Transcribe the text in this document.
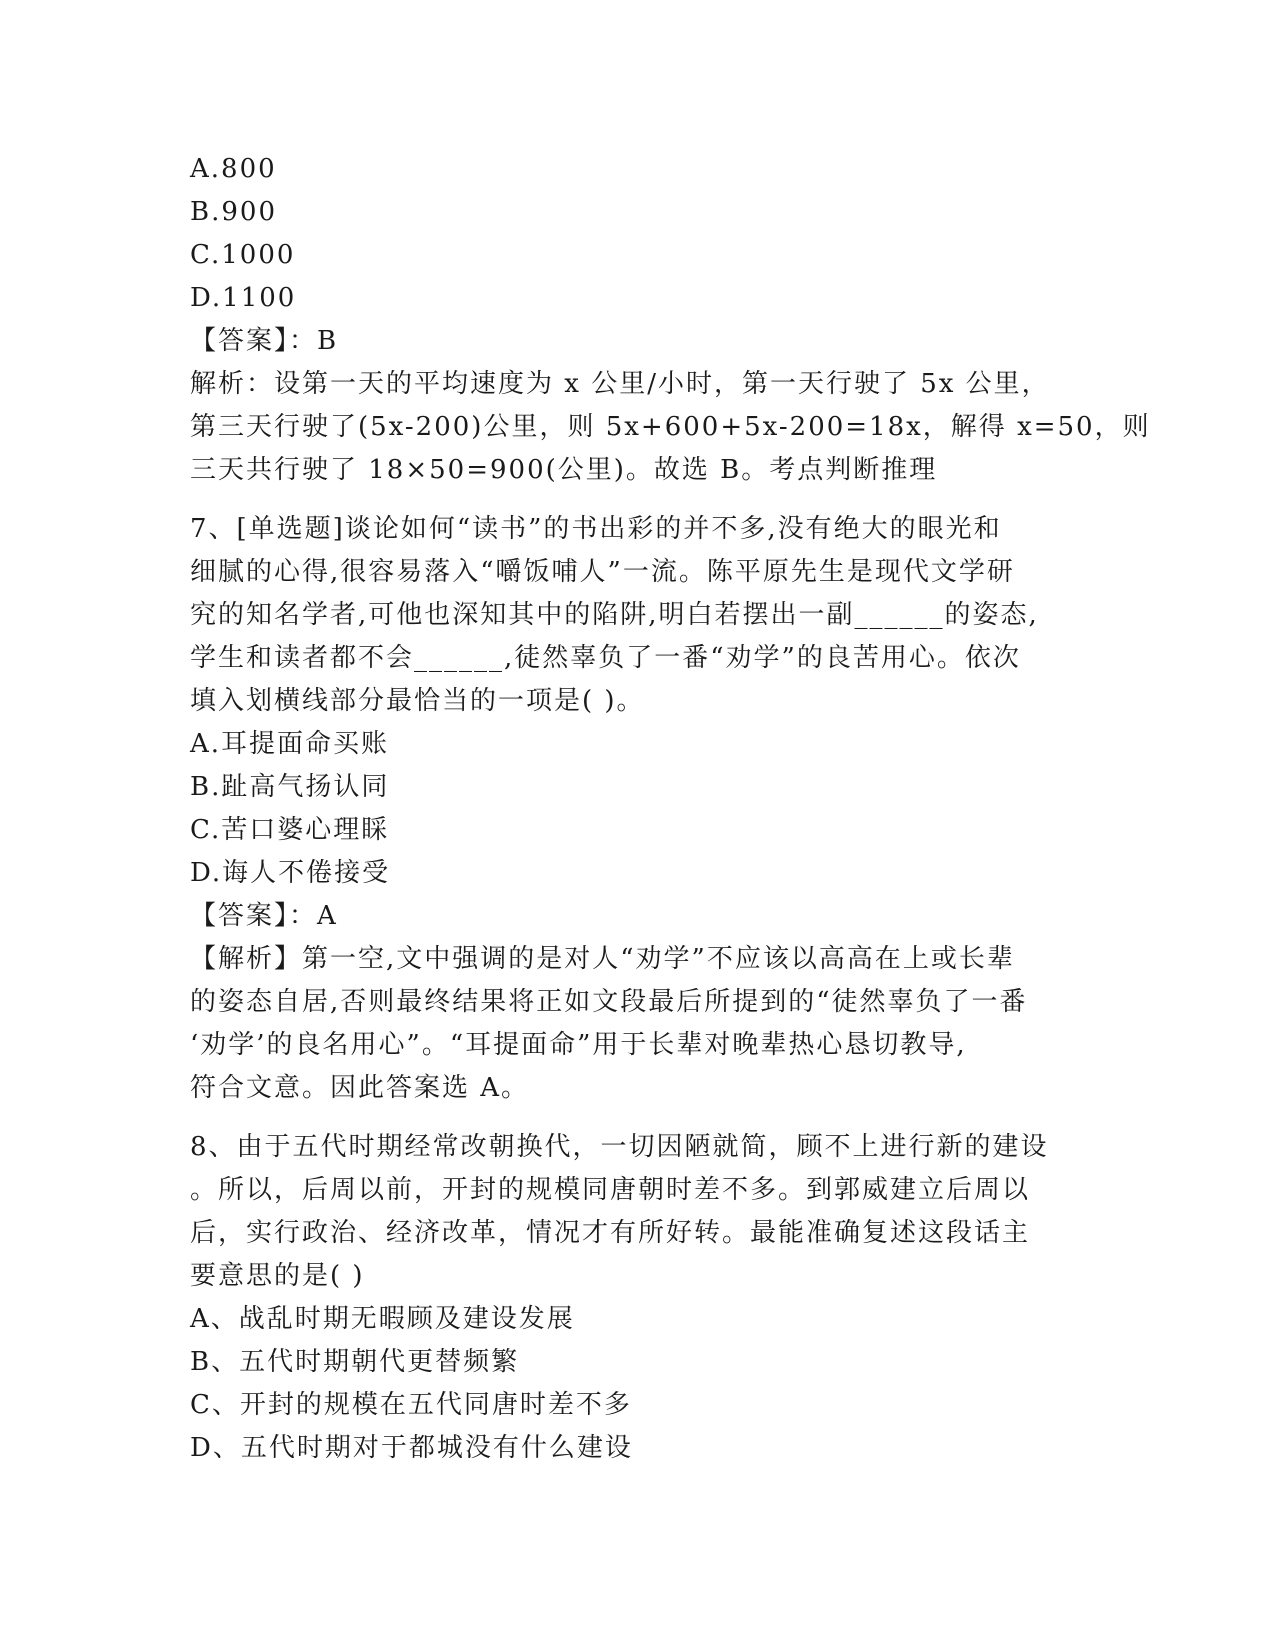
A.800
B.900
C.1000
D.1100
【答案】：B
解析：设第一天的平均速度为 x 公里/小时，第一天行驶了 5x 公里，
第三天行驶了(5x-200)公里，则 5x+600+5x-200=18x，解得 x=50，则
三天共行驶了 18×50=900(公里)。故选 B。考点判断推理
7、[单选题]谈论如何“读书”的书出彩的并不多,没有绝大的眼光和
细腻的心得,很容易落入“嚼饭哺人”一流。陈平原先生是现代文学研
究的知名学者,可他也深知其中的陷阱,明白若摆出一副______的姿态,
学生和读者都不会______,徒然辜负了一番“劝学”的良苦用心。依次
填入划横线部分最恰当的一项是( )。
A.耳提面命买账
B.趾高气扬认同
C.苦口婆心理睬
D.诲人不倦接受
【答案】：A
【解析】第一空,文中强调的是对人“劝学”不应该以高高在上或长辈
的姿态自居,否则最终结果将正如文段最后所提到的“徒然辜负了一番
‘劝学’的良名用心”。“耳提面命”用于长辈对晚辈热心恳切教导,
符合文意。因此答案选 A。
8、由于五代时期经常改朝换代，一切因陋就简，顾不上进行新的建设
。所以，后周以前，开封的规模同唐朝时差不多。到郭威建立后周以
后，实行政治、经济改革，情况才有所好转。最能准确复述这段话主
要意思的是( )
A、战乱时期无暇顾及建设发展
B、五代时期朝代更替频繁
C、开封的规模在五代同唐时差不多
D、五代时期对于都城没有什么建设
